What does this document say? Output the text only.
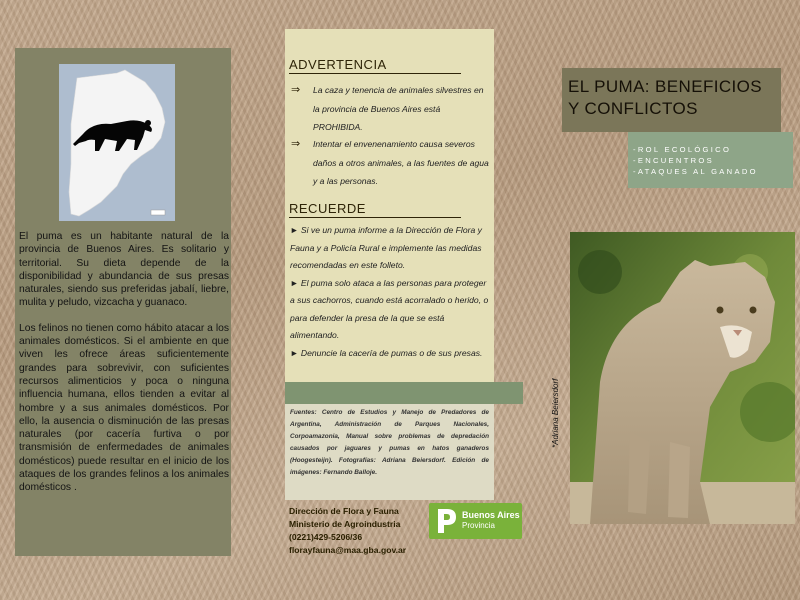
El puma es un habitante natural de la provincia de Buenos Aires. Es solitario y territorial. Su dieta depende de la disponibilidad y abundancia de sus presas naturales, siendo sus preferidas jabalí, liebre, mulita y peludo, vizcacha y guanaco.

Los felinos no tienen como hábito atacar a los animales domésticos. Si el ambiente en que viven les ofrece áreas suficientemente grandes para sobrevivir, con suficientes recursos alimenticios y poca o ninguna influencia humana, ellos tienden a evitar al hombre y a sus animales domésticos. Por ello, la ausencia o disminución de las presas naturales (por cacería furtiva o por transmisión de enfermedades de animales domésticos) puede resultar en el inicio de los ataques de los grandes felinos a los animales domésticos .

ADVERTENCIA
⇒	La caza y tenencia de animales silvestres en la provincia de Buenos Aires está PROHIBIDA.
⇒	Intentar el envenenamiento causa severos daños a otros animales, a las fuentes de agua y a las personas.
RECUERDE

► Si ve un puma informe a la Dirección de Flora y Fauna y a Policía Rural e implemente las medidas recomendadas en este folleto.

► El puma solo ataca a las personas para proteger a sus cachorros, cuando está acorralado o herido, o para defender la presa de la que se está alimentando.

► Denuncie la cacería de pumas o de sus presas.

Fuentes: Centro de Estudios y Manejo de Predadores de Argentina, Administración de Parques Nacionales, Corpoamazonia, Manual sobre problemas de depredación causados por jaguares y pumas en hatos ganaderos (Hoogesteijn). Fotografías: Adriana Beiersdorf. Edición de imágenes: Fernando Balloje.

Dirección de Flora y Fauna
Ministerio de Agroindustria
(0221)429-5206/36
florayfauna@maa.gba.gov.ar
Buenos Aires
Provincia
EL PUMA: BENEFICIOS Y CONFLICTOS
-ROL ECOLÓGICO
-ENCUENTROS
-ATAQUES AL GANADO
*Adriana Beiersdorf
